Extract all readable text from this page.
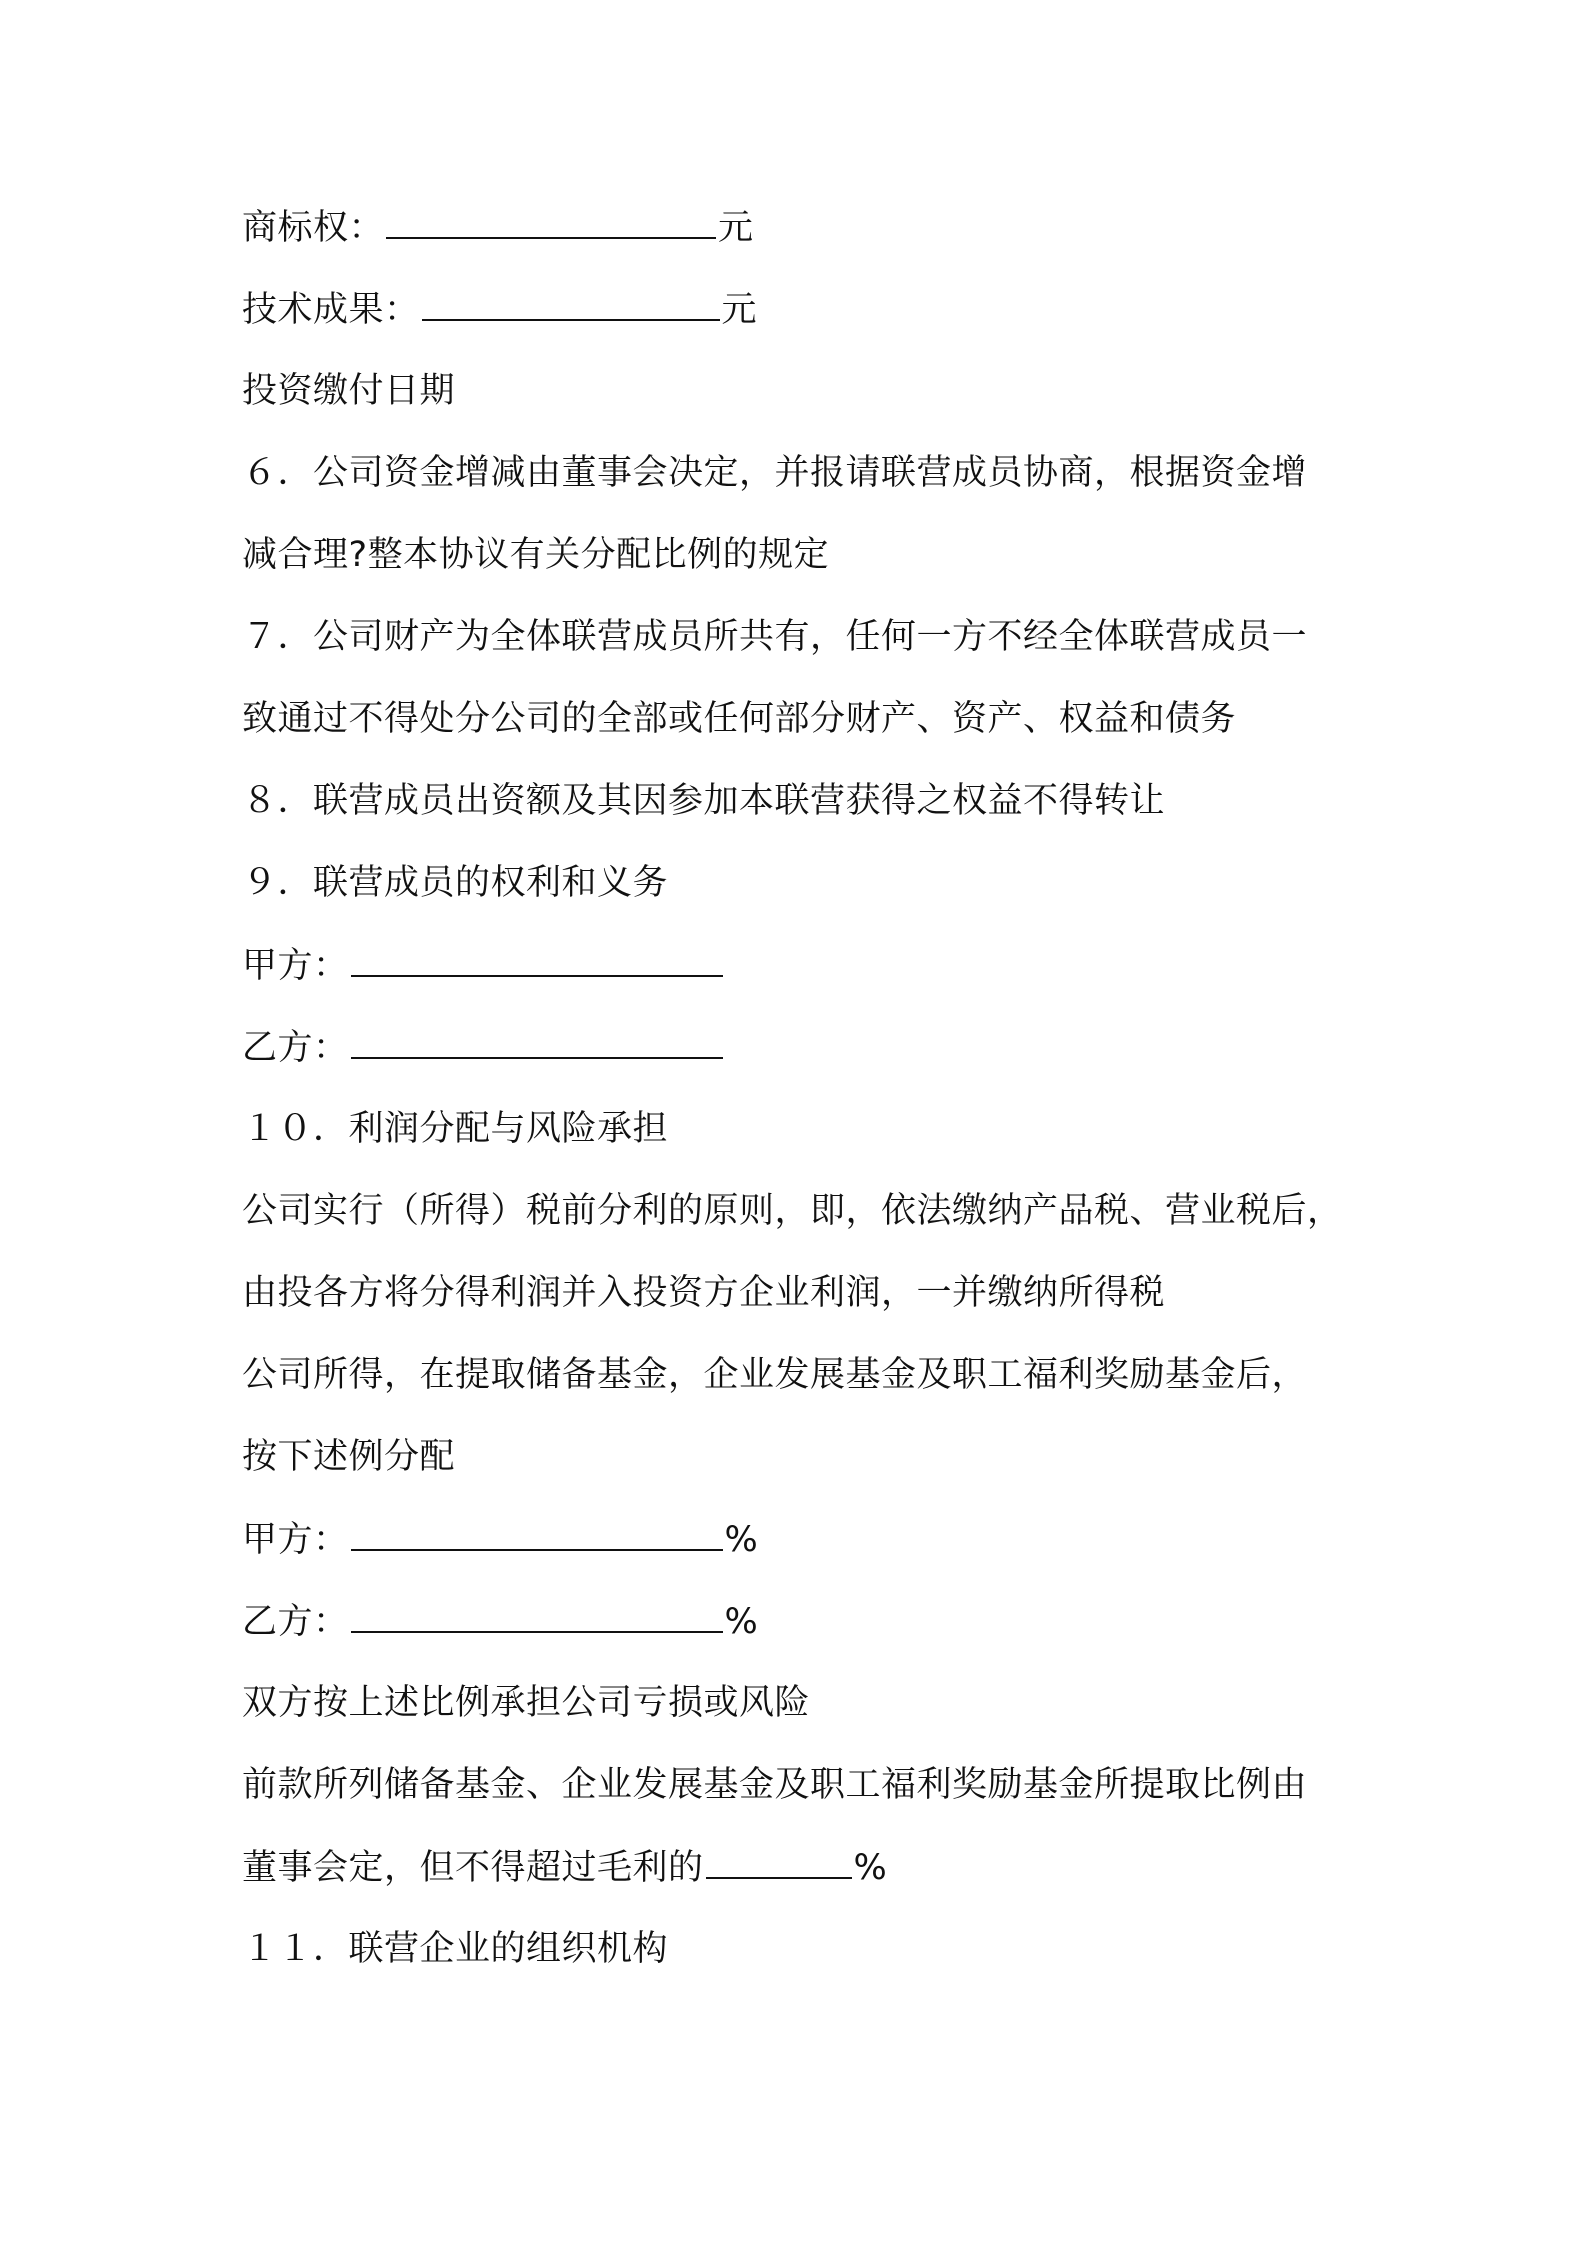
商标权：	元
技术成果：	元
投资缴付日期
６．公司资金增减由董事会决定，并报请联营成员协商，根据资金增
减合理?整本协议有关分配比例的规定
７．公司财产为全体联营成员所共有，任何一方不经全体联营成员一
致通过不得处分公司的全部或任何部分财产、资产、权益和债务
８．联营成员出资额及其因参加本联营获得之权益不得转让
９．联营成员的权利和义务
甲方：
乙方：
１０．利润分配与风险承担
公司实行（所得）税前分利的原则，即，依法缴纳产品税、营业税后，
由投各方将分得利润并入投资方企业利润，一并缴纳所得税
公司所得，在提取储备基金，企业发展基金及职工福利奖励基金后，
按下述例分配
甲方：	%
乙方：	%
双方按上述比例承担公司亏损或风险
前款所列储备基金、企业发展基金及职工福利奖励基金所提取比例由
董事会定，但不得超过毛利的	%
１１．联营企业的组织机构
